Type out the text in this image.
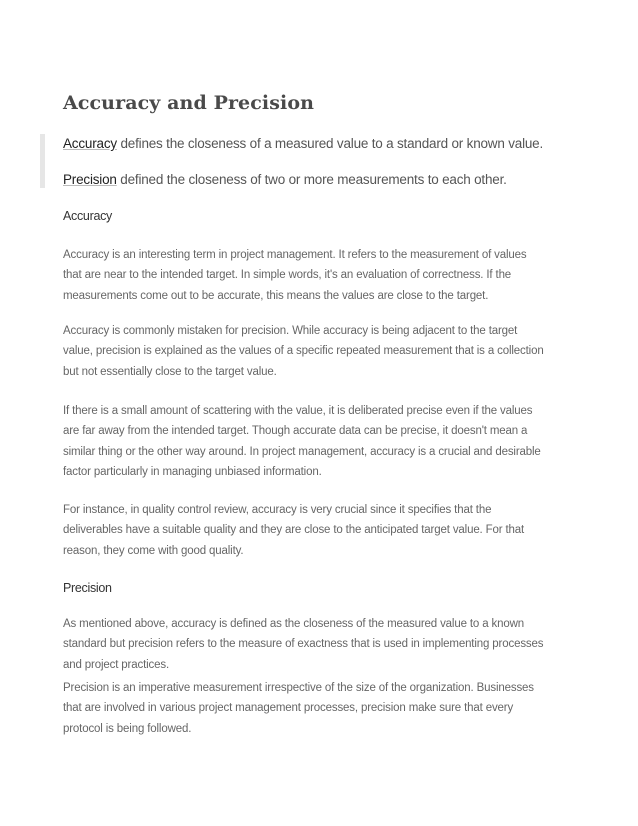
Accuracy and Precision
Accuracy defines the closeness of a measured value to a standard or known value.
Precision defined the closeness of two or more measurements to each other.
Accuracy
Accuracy is an interesting term in project management. It refers to the measurement of values
that are near to the intended target. In simple words, it's an evaluation of correctness. If the
measurements come out to be accurate, this means the values are close to the target.
Accuracy is commonly mistaken for precision. While accuracy is being adjacent to the target
value, precision is explained as the values of a specific repeated measurement that is a collection
but not essentially close to the target value.
If there is a small amount of scattering with the value, it is deliberated precise even if the values
are far away from the intended target. Though accurate data can be precise, it doesn't mean a
similar thing or the other way around. In project management, accuracy is a crucial and desirable
factor particularly in managing unbiased information.
For instance, in quality control review, accuracy is very crucial since it specifies that the
deliverables have a suitable quality and they are close to the anticipated target value. For that
reason, they come with good quality.
Precision
As mentioned above, accuracy is defined as the closeness of the measured value to a known
standard but precision refers to the measure of exactness that is used in implementing processes
and project practices.
Precision is an imperative measurement irrespective of the size of the organization. Businesses
that are involved in various project management processes, precision make sure that every
protocol is being followed.
